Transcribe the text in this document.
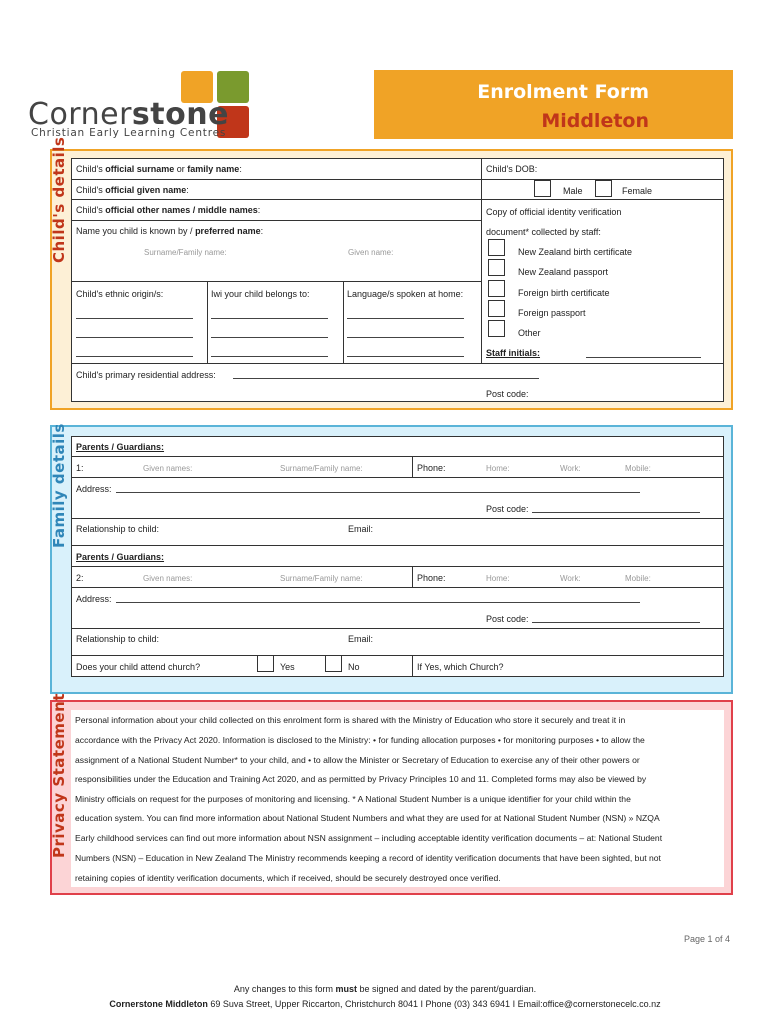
Cornerstone
Christian Early Learning Centres
Enrolment Form
Middleton
Child's details Child's official surname or family name:
Child's official given name:
Child's official other names / middle names:
Name you child is known by / preferred name:
Surname/Family name:	Given name:
Child's ethnic origin/s:	Iwi your child belongs to:	Language/s spoken at home:
Child's DOB:
Male	Female
Copy of official identity verification
document* collected by staff:
New Zealand birth certificate
New Zealand passport
Foreign birth certificate
Foreign passport
Other
Staff initials:
Child's primary residential address:
Post code:
Family details Parents / Guardians:
1:	Given names:	Surname/Family name:	Phone:	Home:	Work:	Mobile:
Address:
Post code:
Relationship to child:	Email:
Parents / Guardians:
2:	Given names:	Surname/Family name:	Phone:	Home:	Work:	Mobile:
Address:
Post code:
Relationship to child:	Email:
Does your child attend church?	Yes	No	If Yes, which Church?
Privacy Statement Personal information about your child collected on this enrolment form is shared with the Ministry of Education who store it securely and treat it in

accordance with the Privacy Act 2020. Information is disclosed to the Ministry: • for funding allocation purposes • for monitoring purposes • to allow the

assignment of a National Student Number* to your child, and • to allow the Minister or Secretary of Education to exercise any of their other powers or

responsibilities under the Education and Training Act 2020, and as permitted by Privacy Principles 10 and 11. Completed forms may also be viewed by

Ministry officials on request for the purposes of monitoring and licensing. * A National Student Number is a unique identifier for your child within the

education system. You can find more information about National Student Numbers and what they are used for at National Student Number (NSN) » NZQA

Early childhood services can find out more information about NSN assignment – including acceptable identity verification documents – at: National Student

Numbers (NSN) – Education in New Zealand The Ministry recommends keeping a record of identity verification documents that have been sighted, but not

retaining copies of identity verification documents, which if received, should be securely destroyed once verified.

Page 1 of 4
Any changes to this form must be signed and dated by the parent/guardian.
Cornerstone Middleton 69 Suva Street, Upper Riccarton, Christchurch 8041 I Phone (03) 343 6941 I Email:office@cornerstonecelc.co.nz
